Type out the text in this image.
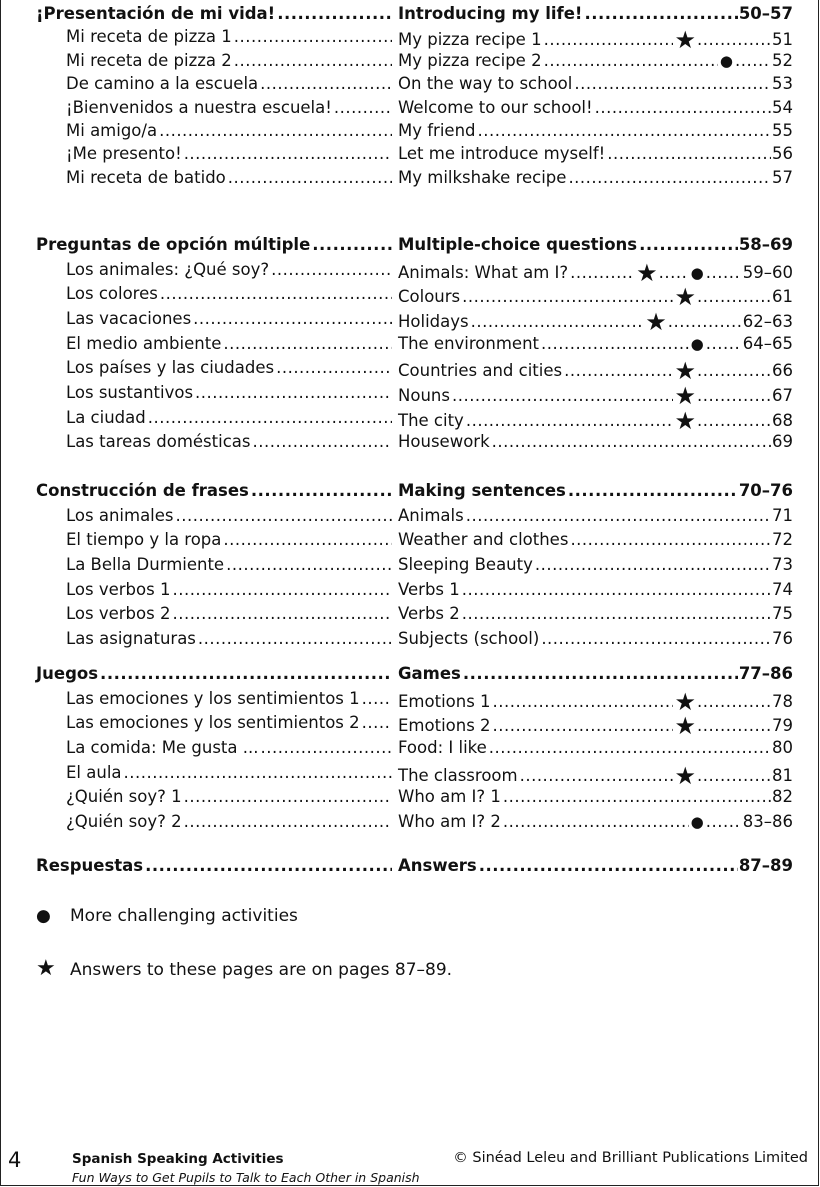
¡Presentación de mi vida! .....	Introducing my life! .....	50–57
Mi receta de pizza 1 .....	My pizza recipe 1 .....	★ .....	51
Mi receta de pizza 2 .....	My pizza recipe 2 .....	● ..... 52
De camino a la escuela .....	On the way to school .....	53
¡Bienvenidos a nuestra escuela! .....	Welcome to our school! .....	54
Mi amigo/a .....	My friend .....	55
¡Me presento! .....	Let me introduce myself! .....	56
Mi receta de batido .....	My milkshake recipe .....	57
Preguntas de opción múltiple .....	Multiple-choice questions .....	58–69
Los animales: ¿Qué soy? .....	Animals: What am I? .....	★ ..... ● ..... 59–60
Los colores .....	Colours .....	★ .....	61
Las vacaciones .....	Holidays .....	★ .....	62–63
El medio ambiente .....	The environment .....	● ..... 64–65
Los países y las ciudades .....	Countries and cities .....	★ .....	66
Los sustantivos .....	Nouns .....	★ .....	67
La ciudad .....	The city .....	★ .....	68
Las tareas domésticas .....	Housework .....	69
Construcción de frases .....	Making sentences .....	70–76
Los animales .....	Animals .....	71
El tiempo y la ropa .....	Weather and clothes .....	72
La Bella Durmiente .....	Sleeping Beauty .....	73
Los verbos 1 .....	Verbs 1 .....	74
Los verbos 2 .....	Verbs 2 .....	75
Las asignaturas .....	Subjects (school) .....	76
Juegos .....	Games .....	77–86
Las emociones y los sentimientos 1 ..... Emotions 1 .....	★ .....	78
Las emociones y los sentimientos 2 ..... Emotions 2 .....	★ .....	79
La comida: Me gusta ... .....	Food: I like .....	80
El aula .....	The classroom .....	★ .....	81
¿Quién soy? 1 .....	Who am I? 1 .....	82
¿Quién soy? 2 .....	Who am I? 2 .....	● ..... 83–86
Respuestas .....	Answers .....	87–89
● More challenging activities
★ Answers to these pages are on pages 87–89.
4	Spanish Speaking Activities
Fun Ways to Get Pupils to Talk to Each Other in Spanish
© Sinéad Leleu and Brilliant Publications Limited
